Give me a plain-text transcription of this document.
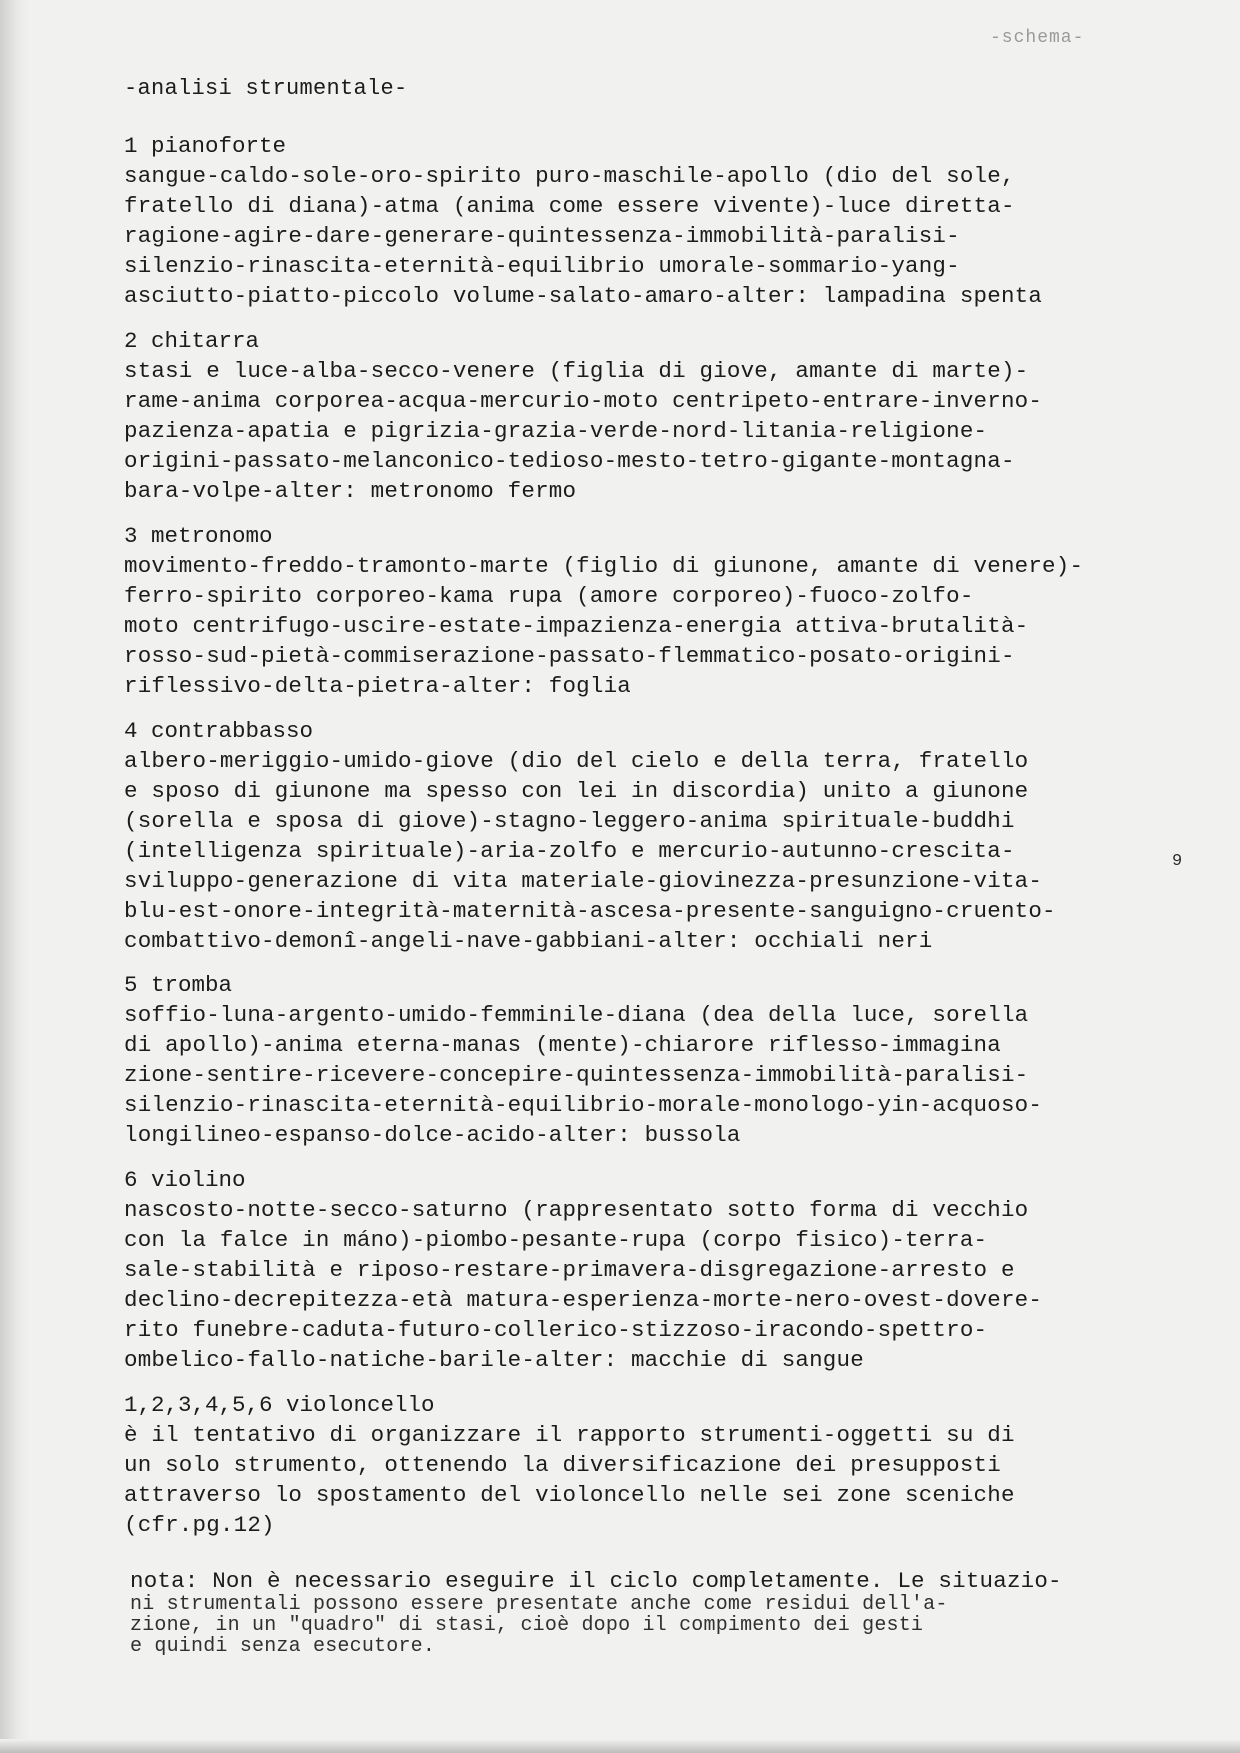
-schema-
9
-analisi strumentale-
1 pianoforte
sangue-caldo-sole-oro-spirito puro-maschile-apollo (dio del sole,
fratello di diana)-atma (anima come essere vivente)-luce diretta-
ragione-agire-dare-generare-quintessenza-immobilità-paralisi-
silenzio-rinascita-eternità-equilibrio umorale-sommario-yang-
asciutto-piatto-piccolo volume-salato-amaro-alter: lampadina spenta
2 chitarra
stasi e luce-alba-secco-venere (figlia di giove, amante di marte)-
rame-anima corporea-acqua-mercurio-moto centripeto-entrare-inverno-
pazienza-apatia e pigrizia-grazia-verde-nord-litania-religione-
origini-passato-melanconico-tedioso-mesto-tetro-gigante-montagna-
bara-volpe-alter: metronomo fermo
3 metronomo
movimento-freddo-tramonto-marte (figlio di giunone, amante di venere)-
ferro-spirito corporeo-kama rupa (amore corporeo)-fuoco-zolfo-
moto centrifugo-uscire-estate-impazienza-energia attiva-brutalità-
rosso-sud-pietà-commiserazione-passato-flemmatico-posato-origini-
riflessivo-delta-pietra-alter: foglia
4 contrabbasso
albero-meriggio-umido-giove (dio del cielo e della terra, fratello
e sposo di giunone ma spesso con lei in discordia) unito a giunone
(sorella e sposa di giove)-stagno-leggero-anima spirituale-buddhi
(intelligenza spirituale)-aria-zolfo e mercurio-autunno-crescita-
sviluppo-generazione di vita materiale-giovinezza-presunzione-vita-
blu-est-onore-integrità-maternità-ascesa-presente-sanguigno-cruento-
combattivo-demonî-angeli-nave-gabbiani-alter: occhiali neri
5 tromba
soffio-luna-argento-umido-femminile-diana (dea della luce, sorella
di apollo)-anima eterna-manas (mente)-chiarore riflesso-immagina
zione-sentire-ricevere-concepire-quintessenza-immobilità-paralisi-
silenzio-rinascita-eternità-equilibrio-morale-monologo-yin-acquoso-
longilineo-espanso-dolce-acido-alter: bussola
6 violino
nascosto-notte-secco-saturno (rappresentato sotto forma di vecchio
con la falce in máno)-piombo-pesante-rupa (corpo fisico)-terra-
sale-stabilità e riposo-restare-primavera-disgregazione-arresto e
declino-decrepitezza-età matura-esperienza-morte-nero-ovest-dovere-
rito funebre-caduta-futuro-collerico-stizzoso-iracondo-spettro-
ombelico-fallo-natiche-barile-alter: macchie di sangue
1,2,3,4,5,6 violoncello
è il tentativo di organizzare il rapporto strumenti-oggetti su di
un solo strumento, ottenendo la diversificazione dei presupposti
attraverso lo spostamento del violoncello nelle sei zone sceniche
(cfr.pg.12)
nota: Non è necessario eseguire il ciclo completamente. Le situazio-
ni strumentali possono essere presentate anche come residui dell'a-
zione, in un "quadro" di stasi, cioè dopo il compimento dei gesti
e quindi senza esecutore.
